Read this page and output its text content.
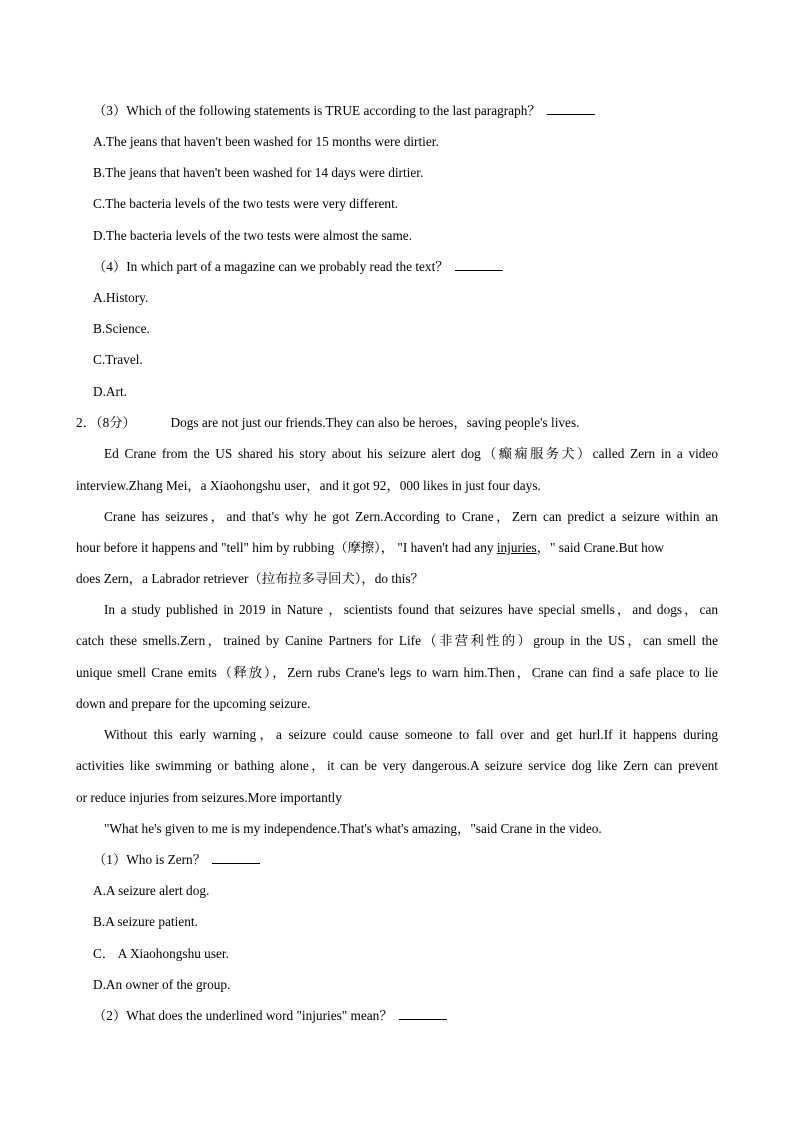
（3）Which of the following statements is TRUE according to the last paragraph？
A.The jeans that haven't been washed for 15 months were dirtier.
B.The jeans that haven't been washed for 14 days were dirtier.
C.The bacteria levels of the two tests were very different.
D.The bacteria levels of the two tests were almost the same.
（4）In which part of a magazine can we probably read the text？
A.History.
B.Science.
C.Travel.
D.Art.
2．（8分）	Dogs are not just our friends.They can also be heroes，saving people's lives.
Ed Crane from the US shared his story about his seizure alert dog（癫痫服务犬）called Zern in a video
interview.Zhang Mei，a Xiaohongshu user，and it got 92，000 likes in just four days.
Crane has seizures，and that's why he got Zern.According to Crane，Zern can predict a seizure within an
hour before it happens and "tell" him by rubbing（摩擦）， "I haven't had any injuries，" said Crane.But how
does Zern，a Labrador retriever（拉布拉多寻回犬），do this？
In a study published in 2019 in Nature ，scientists found that seizures have special smells，and dogs，can
catch these smells.Zern，trained by Canine Partners for Life（非营利性的）group in the US，can smell the
unique smell Crane emits（释放），Zern rubs Crane's legs to warn him.Then，Crane can find a safe place to lie
down and prepare for the upcoming seizure.
Without this early warning，a seizure could cause someone to fall over and get hurl.If it happens during
activities like swimming or bathing alone，it can be very dangerous.A seizure service dog like Zern can prevent
or reduce injuries from seizures.More importantly
"What he's given to me is my independence.That's what's amazing，"said Crane in the video.
（1）Who is Zern？
A.A seizure alert dog.
B.A seizure patient.
C． A Xiaohongshu user.
D.An owner of the group.
（2）What does the underlined word "injuries" mean？
